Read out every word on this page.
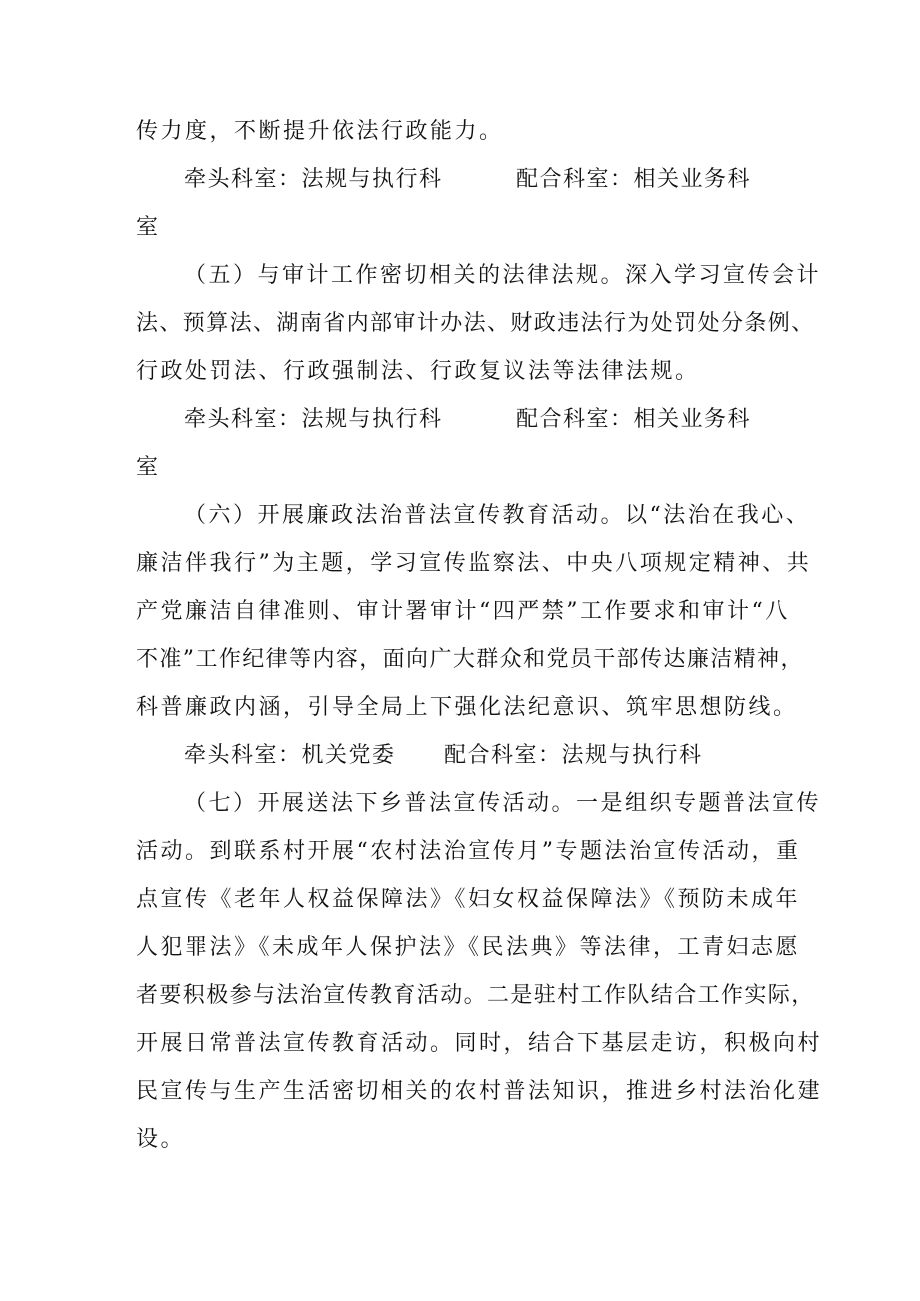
传力度，不断提升依法行政能力。
牵头科室：法规与执行科	配合科室：相关业务科
室
（五）与审计工作密切相关的法律法规。深入学习宣传会计
法、预算法、湖南省内部审计办法、财政违法行为处罚处分条例、
行政处罚法、行政强制法、行政复议法等法律法规。
牵头科室：法规与执行科	配合科室：相关业务科
室
（六）开展廉政法治普法宣传教育活动。以“法治在我心、
廉洁伴我行”为主题，学习宣传监察法、中央八项规定精神、共
产党廉洁自律准则、审计署审计“四严禁”工作要求和审计“八
不准”工作纪律等内容，面向广大群众和党员干部传达廉洁精神，
科普廉政内涵，引导全局上下强化法纪意识、筑牢思想防线。
牵头科室：机关党委 配合科室：法规与执行科
（七）开展送法下乡普法宣传活动。一是组织专题普法宣传
活动。到联系村开展“农村法治宣传月”专题法治宣传活动，重
点宣传《老年人权益保障法》《妇女权益保障法》《预防未成年
人犯罪法》《未成年人保护法》《民法典》等法律，工青妇志愿
者要积极参与法治宣传教育活动。二是驻村工作队结合工作实际，
开展日常普法宣传教育活动。同时，结合下基层走访，积极向村
民宣传与生产生活密切相关的农村普法知识，推进乡村法治化建
设。
